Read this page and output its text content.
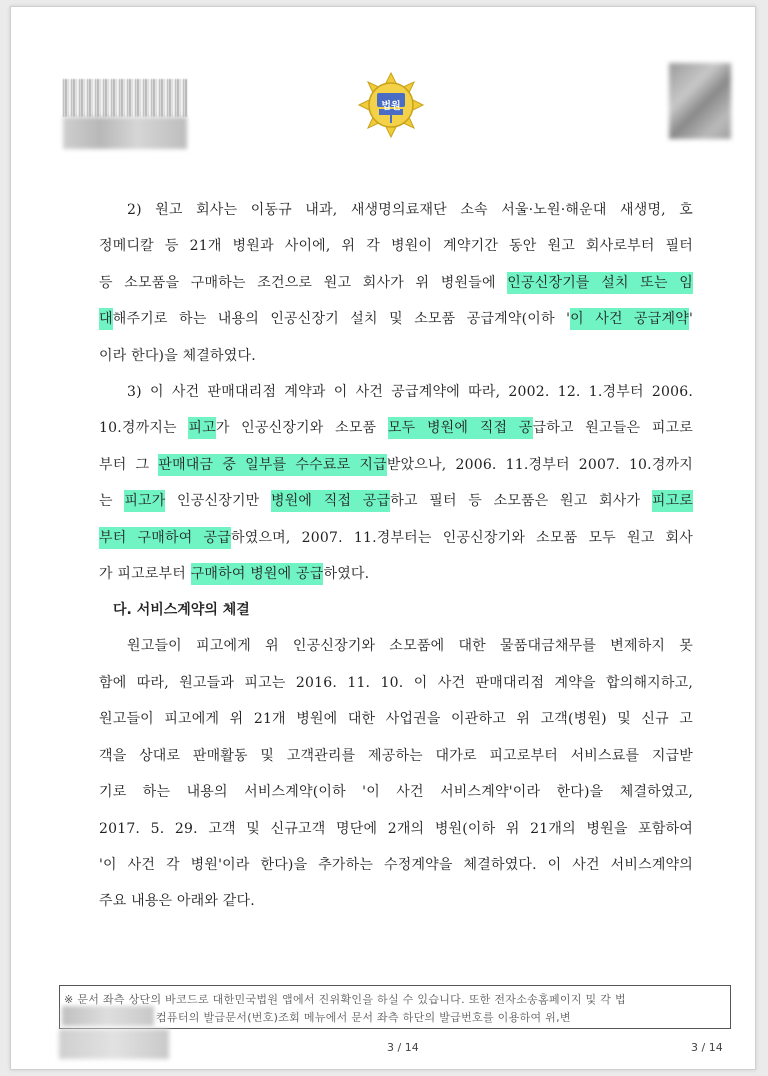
법원
2) 원고 회사는 이동규 내과, 새생명의료재단 소속 서울·노원·해운대 새생명, 호
정메디칼 등 21개 병원과 사이에, 위 각 병원이 계약기간 동안 원고 회사로부터 필터
등 소모품을 구매하는 조건으로 원고 회사가 위 병원들에 인공신장기를 설치 또는 임
대해주기로 하는 내용의 인공신장기 설치 및 소모품 공급계약(이하 '이 사건 공급계약'
이라 한다)을 체결하였다.
3) 이 사건 판매대리점 계약과 이 사건 공급계약에 따라, 2002. 12. 1.경부터 2006.
10.경까지는 피고가 인공신장기와 소모품 모두 병원에 직접 공급하고 원고들은 피고로
부터 그 판매대금 중 일부를 수수료로 지급받았으나, 2006. 11.경부터 2007. 10.경까지
는 피고가 인공신장기만 병원에 직접 공급하고 필터 등 소모품은 원고 회사가 피고로
부터 구매하여 공급하였으며, 2007. 11.경부터는 인공신장기와 소모품 모두 원고 회사
가 피고로부터 구매하여 병원에 공급하였다.
다. 서비스계약의 체결
원고들이 피고에게 위 인공신장기와 소모품에 대한 물품대금채무를 변제하지 못
함에 따라, 원고들과 피고는 2016. 11. 10. 이 사건 판매대리점 계약을 합의해지하고,
원고들이 피고에게 위 21개 병원에 대한 사업권을 이관하고 위 고객(병원) 및 신규 고
객을 상대로 판매활동 및 고객관리를 제공하는 대가로 피고로부터 서비스료를 지급받
기로 하는 내용의 서비스계약(이하 '이 사건 서비스계약'이라 한다)을 체결하였고,
2017. 5. 29. 고객 및 신규고객 명단에 2개의 병원(이하 위 21개의 병원을 포함하여
'이 사건 각 병원'이라 한다)을 추가하는 수정계약을 체결하였다. 이 사건 서비스계약의
주요 내용은 아래와 같다.
※ 문서 좌측 상단의 바코드로 대한민국법원 앱에서 진위확인을 하실 수 있습니다. 또한 전자소송홈페이지 및 각 법
컴퓨터의 발급문서(번호)조회 메뉴에서 문서 좌측 하단의 발급번호를 이용하여 위,변
3 / 14	3 / 14
